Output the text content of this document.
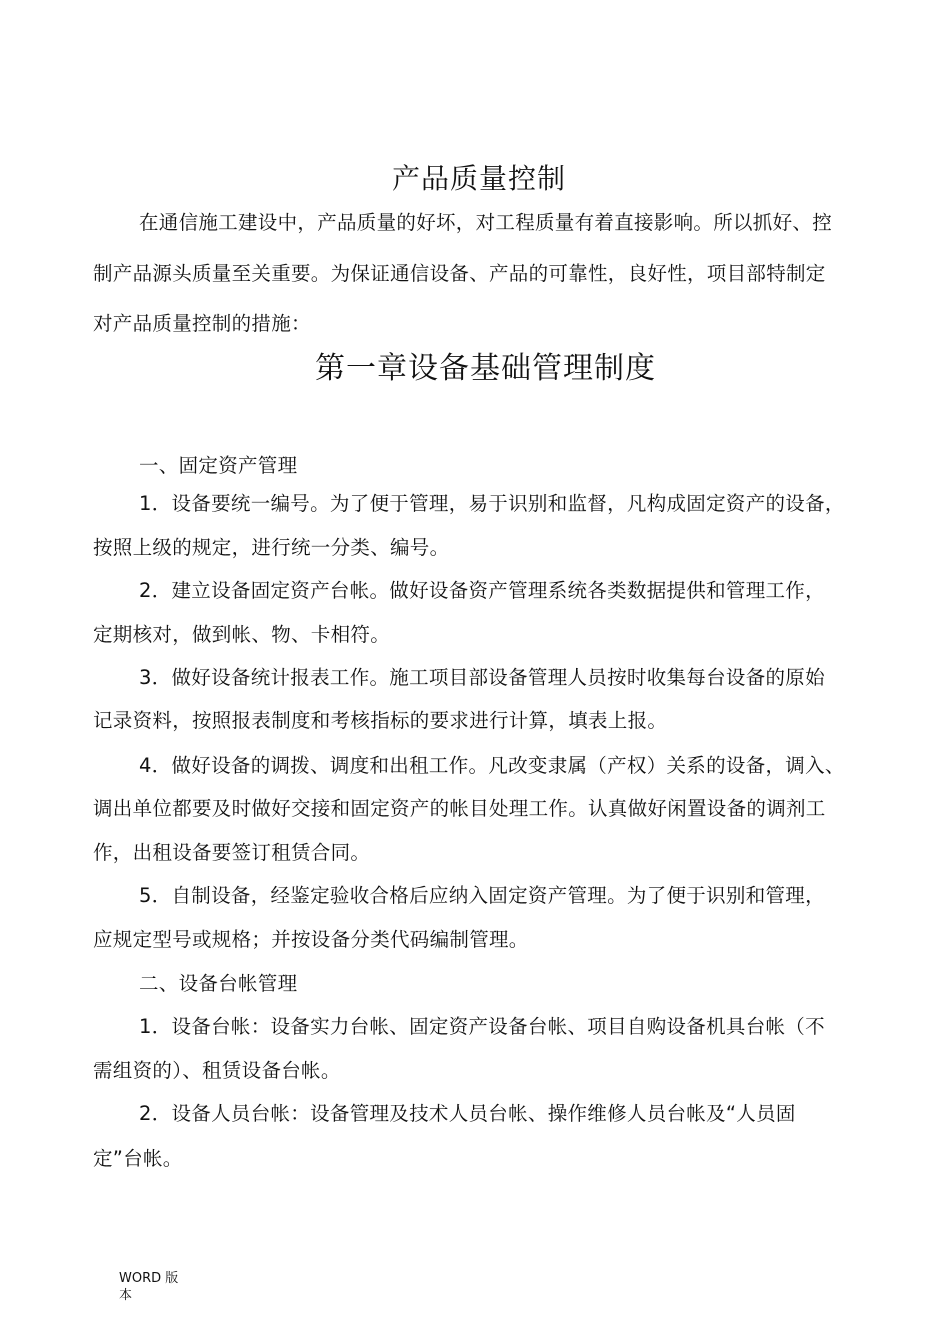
产品质量控制
在通信施工建设中，产品质量的好坏，对工程质量有着直接影响。所以抓好、控
制产品源头质量至关重要。为保证通信设备、产品的可靠性，良好性，项目部特制定
对产品质量控制的措施：
第一章设备基础管理制度
一、固定资产管理
1．设备要统一编号。为了便于管理，易于识别和监督，凡构成固定资产的设备，
按照上级的规定，进行统一分类、编号。
2．建立设备固定资产台帐。做好设备资产管理系统各类数据提供和管理工作，
定期核对，做到帐、物、卡相符。
3．做好设备统计报表工作。施工项目部设备管理人员按时收集每台设备的原始
记录资料，按照报表制度和考核指标的要求进行计算，填表上报。
4．做好设备的调拨、调度和出租工作。凡改变隶属（产权）关系的设备，调入、
调出单位都要及时做好交接和固定资产的帐目处理工作。认真做好闲置设备的调剂工
作，出租设备要签订租赁合同。
5．自制设备，经鉴定验收合格后应纳入固定资产管理。为了便于识别和管理，
应规定型号或规格；并按设备分类代码编制管理。
二、设备台帐管理
1．设备台帐：设备实力台帐、固定资产设备台帐、项目自购设备机具台帐（不
需组资的）、租赁设备台帐。
2．设备人员台帐：设备管理及技术人员台帐、操作维修人员台帐及“人员固
定”台帐。
WORD 版
本
